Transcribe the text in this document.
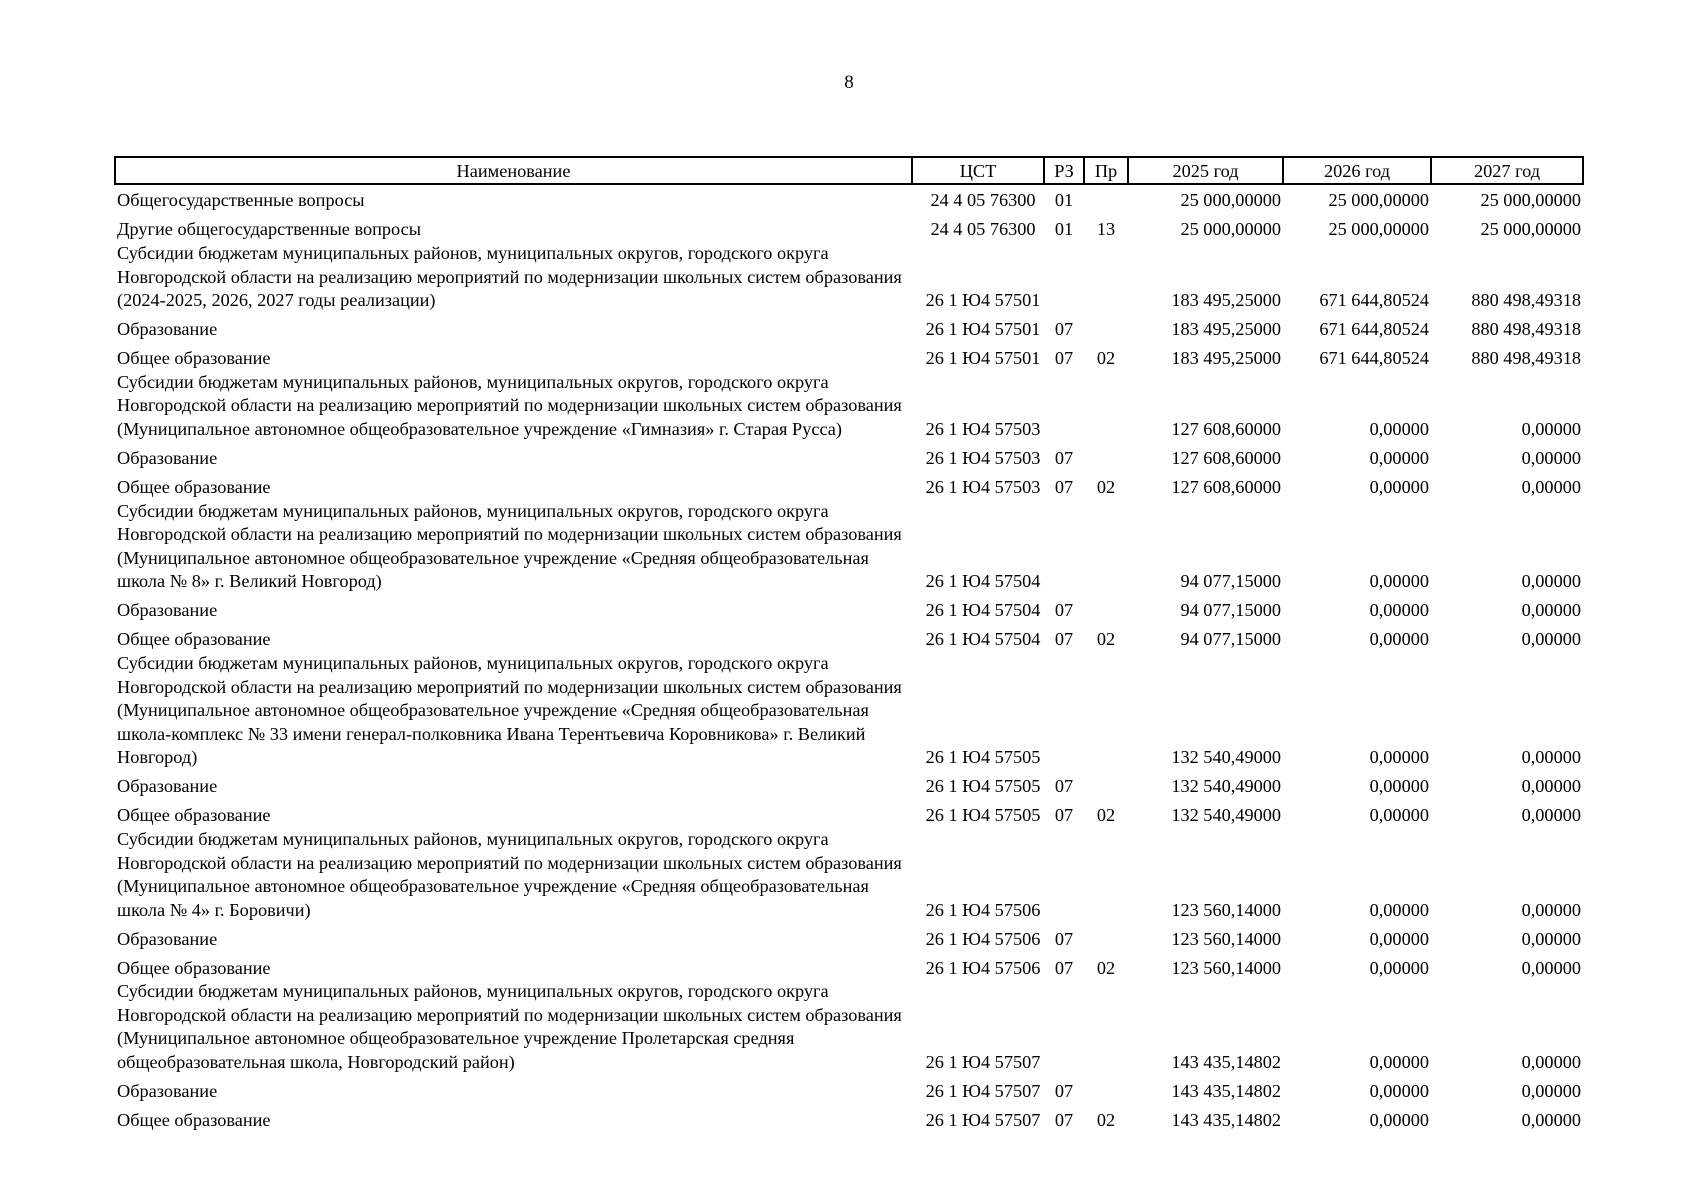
8
Наименование	ЦСТ	РЗ	Пр	2025 год	2026 год	2027 год
Общегосударственные вопросы	24 4 05 76300	01		25 000,00000	25 000,00000	25 000,00000
Другие общегосударственные вопросы	24 4 05 76300	01	13	25 000,00000	25 000,00000	25 000,00000
Субсидии бюджетам муниципальных районов, муниципальных округов, городского округа Новгородской области на реализацию мероприятий по модернизации школьных систем образования (2024-2025, 2026, 2027 годы реализации)	26 1 Ю4 57501			183 495,25000	671 644,80524	880 498,49318
Образование	26 1 Ю4 57501	07		183 495,25000	671 644,80524	880 498,49318
Общее образование	26 1 Ю4 57501	07	02	183 495,25000	671 644,80524	880 498,49318
Субсидии бюджетам муниципальных районов, муниципальных округов, городского округа Новгородской области на реализацию мероприятий по модернизации школьных систем образования (Муниципальное автономное общеобразовательное учреждение «Гимназия» г. Старая Русса)	26 1 Ю4 57503			127 608,60000	0,00000	0,00000
Образование	26 1 Ю4 57503	07		127 608,60000	0,00000	0,00000
Общее образование	26 1 Ю4 57503	07	02	127 608,60000	0,00000	0,00000
Субсидии бюджетам муниципальных районов, муниципальных округов, городского округа Новгородской области на реализацию мероприятий по модернизации школьных систем образования (Муниципальное автономное общеобразовательное учреждение «Средняя общеобразовательная школа № 8» г. Великий Новгород)	26 1 Ю4 57504			94 077,15000	0,00000	0,00000
Образование	26 1 Ю4 57504	07		94 077,15000	0,00000	0,00000
Общее образование	26 1 Ю4 57504	07	02	94 077,15000	0,00000	0,00000
Субсидии бюджетам муниципальных районов, муниципальных округов, городского округа Новгородской области на реализацию мероприятий по модернизации школьных систем образования (Муниципальное автономное общеобразовательное учреждение «Средняя общеобразовательная школа-комплекс № 33 имени генерал-полковника Ивана Терентьевича Коровникова» г. Великий Новгород)	26 1 Ю4 57505			132 540,49000	0,00000	0,00000
Образование	26 1 Ю4 57505	07		132 540,49000	0,00000	0,00000
Общее образование	26 1 Ю4 57505	07	02	132 540,49000	0,00000	0,00000
Субсидии бюджетам муниципальных районов, муниципальных округов, городского округа Новгородской области на реализацию мероприятий по модернизации школьных систем образования (Муниципальное автономное общеобразовательное учреждение «Средняя общеобразовательная школа № 4» г. Боровичи)	26 1 Ю4 57506			123 560,14000	0,00000	0,00000
Образование	26 1 Ю4 57506	07		123 560,14000	0,00000	0,00000
Общее образование	26 1 Ю4 57506	07	02	123 560,14000	0,00000	0,00000
Субсидии бюджетам муниципальных районов, муниципальных округов, городского округа Новгородской области на реализацию мероприятий по модернизации школьных систем образования (Муниципальное автономное общеобразовательное учреждение Пролетарская средняя общеобразовательная школа, Новгородский район)	26 1 Ю4 57507			143 435,14802	0,00000	0,00000
Образование	26 1 Ю4 57507	07		143 435,14802	0,00000	0,00000
Общее образование	26 1 Ю4 57507	07	02	143 435,14802	0,00000	0,00000
